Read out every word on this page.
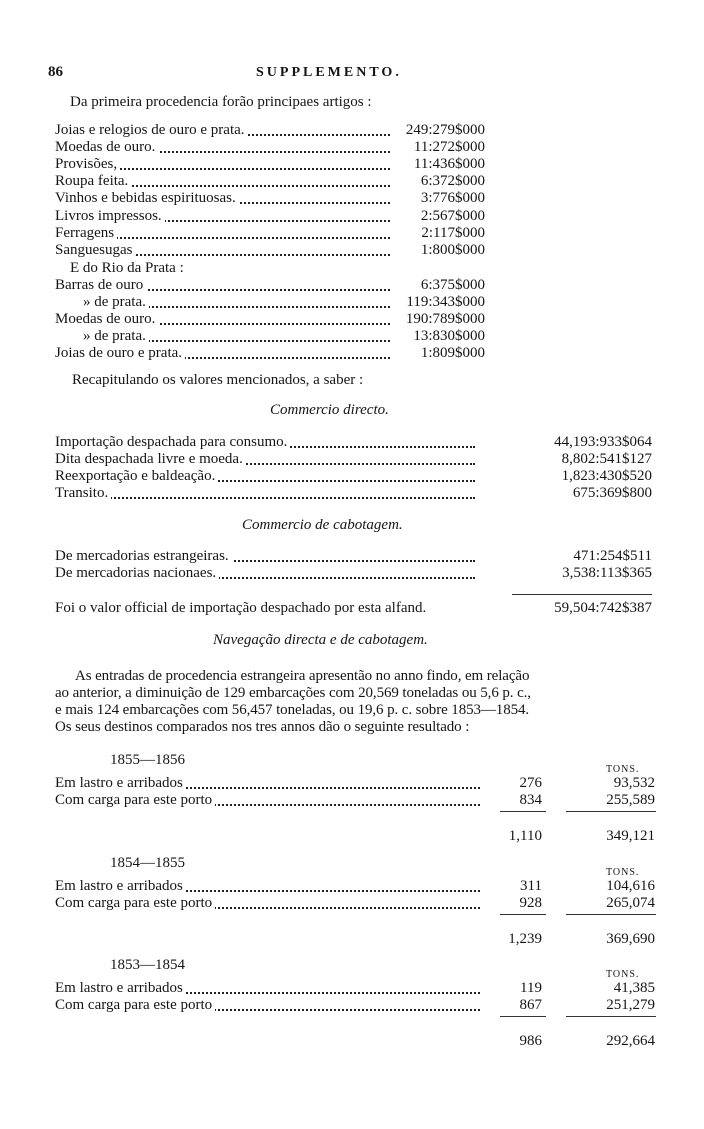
86	SUPPLEMENTO.
Da primeira procedencia forão principaes artigos :
E do Rio da Prata :
Recapitulando os valores mencionados, a saber :
Commercio directo.
Commercio de cabotagem.
Navegação directa e de cabotagem.
As entradas de procedencia estrangeira apresentão no anno findo, em relação
ao anterior, a diminuição de 129 embarcações com 20,569 toneladas ou 5,6 p. c.,
e mais 124 embarcações com 56,457 toneladas, ou 19,6 p. c. sobre 1853—1854.
Os seus destinos comparados nos tres annos dão o seguinte resultado :
Joias e relogios de ouro e prata.	249:279$000
Moedas de ouro.	11:272$000
Provisões,	11:436$000
Roupa feita.	6:372$000
Vinhos e bebidas espirituosas.	3:776$000
Livros impressos.	2:567$000
Ferragens	2:117$000
Sanguesugas	1:800$000
Barras de ouro	6:375$000
» de prata.	119:343$000
Moedas de ouro.	190:789$000
» de prata.	13:830$000
Joias de ouro e prata.	1:809$000
Importação despachada para consumo.	44,193:933$064
Dita despachada livre e moeda.	8,802:541$127
Reexportação e baldeação.	1,823:430$520
Transito.	675:369$800
De mercadorias estrangeiras.	471:254$511
De mercadorias nacionaes.	3,538:113$365
Foi o valor official de importação despachado por esta alfand.	59,504:742$387
1855—1856
TONS.
Em lastro e arribados	276	93,532
Com carga para este porto	834	255,589
1,110	349,121
1854—1855
TONS.
Em lastro e arribados	311	104,616
Com carga para este porto	928	265,074
1,239	369,690
1853—1854
TONS.
Em lastro e arribados	119	41,385
Com carga para este porto	867	251,279
986	292,664
